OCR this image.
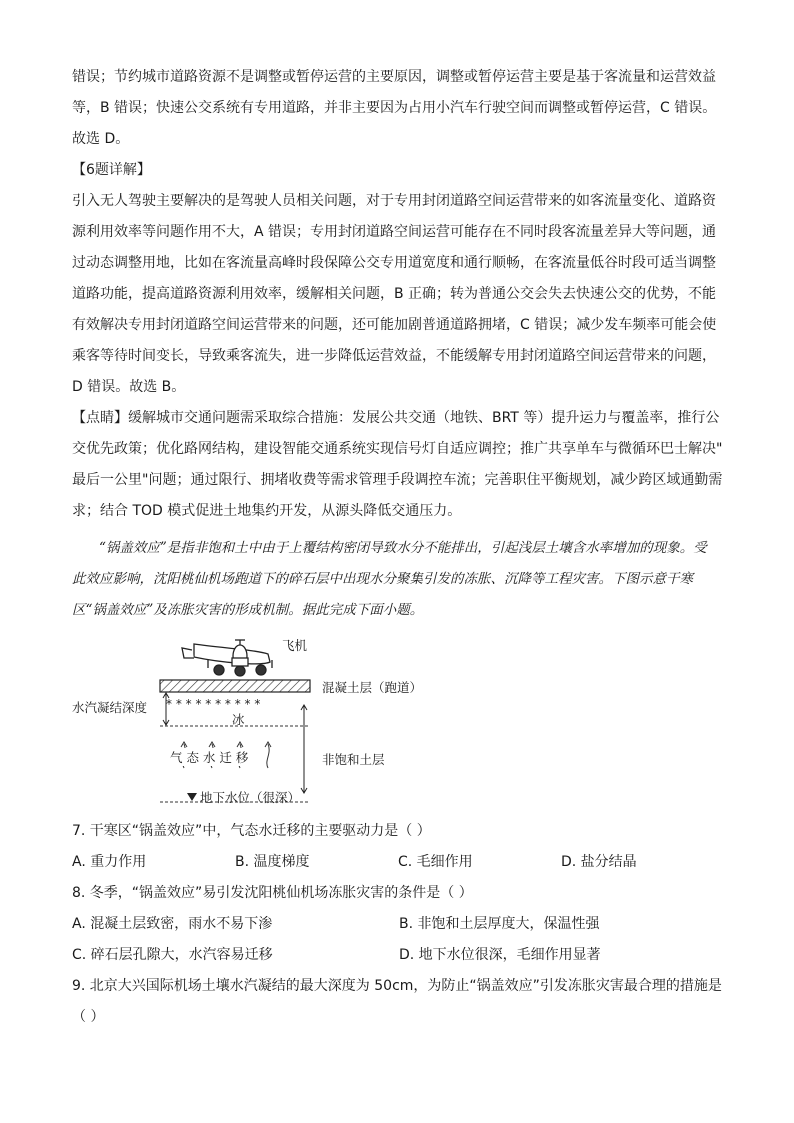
错误；节约城市道路资源不是调整或暂停运营的主要原因，调整或暂停运营主要是基于客流量和运营效益

等，B 错误；快速公交系统有专用道路，并非主要因为占用小汽车行驶空间而调整或暂停运营，C 错误。

故选 D。

【6题详解】

引入无人驾驶主要解决的是驾驶人员相关问题，对于专用封闭道路空间运营带来的如客流量变化、道路资

源利用效率等问题作用不大，A 错误；专用封闭道路空间运营可能存在不同时段客流量差异大等问题，通

过动态调整用地，比如在客流量高峰时段保障公交专用道宽度和通行顺畅，在客流量低谷时段可适当调整

道路功能，提高道路资源利用效率，缓解相关问题，B 正确；转为普通公交会失去快速公交的优势，不能

有效解决专用封闭道路空间运营带来的问题，还可能加剧普通道路拥堵，C 错误；减少发车频率可能会使

乘客等待时间变长，导致乘客流失，进一步降低运营效益，不能缓解专用封闭道路空间运营带来的问题，

D 错误。故选 B。

【点睛】缓解城市交通问题需采取综合措施：发展公共交通（地铁、BRT 等）提升运力与覆盖率，推行公

交优先政策；优化路网结构，建设智能交通系统实现信号灯自适应调控；推广共享单车与微循环巴士解决"

最后一公里"问题；通过限行、拥堵收费等需求管理手段调控车流；完善职住平衡规划，减少跨区域通勤需

求；结合 TOD 模式促进土地集约开发，从源头降低交通压力。

“锅盖效应”是指非饱和土中由于上覆结构密闭导致水分不能排出，引起浅层土壤含水率增加的现象。受
此效应影响，沈阳桃仙机场跑道下的碎石层中出现水分聚集引发的冻胀、沉降等工程灾害。下图示意干寒
区“锅盖效应”及冻胀灾害的形成机制。据此完成下面小题。
* * * * * * * * * *
飞机
混凝土层（跑道）
水汽凝结深度
冰
气 态 水 迁 移	非饱和土层
地下水位（很深）

7. 干寒区“锅盖效应”中，气态水迁移的主要驱动力是（ ）

A. 重力作用	B. 温度梯度	C. 毛细作用	D. 盐分结晶

8. 冬季，“锅盖效应”易引发沈阳桃仙机场冻胀灾害的条件是（ ）

A. 混凝土层致密，雨水不易下渗	B. 非饱和土层厚度大，保温性强
C. 碎石层孔隙大，水汽容易迁移	D. 地下水位很深，毛细作用显著

9. 北京大兴国际机场土壤水汽凝结的最大深度为 50cm，为防止“锅盖效应”引发冻胀灾害最合理的措施是

（ ）
